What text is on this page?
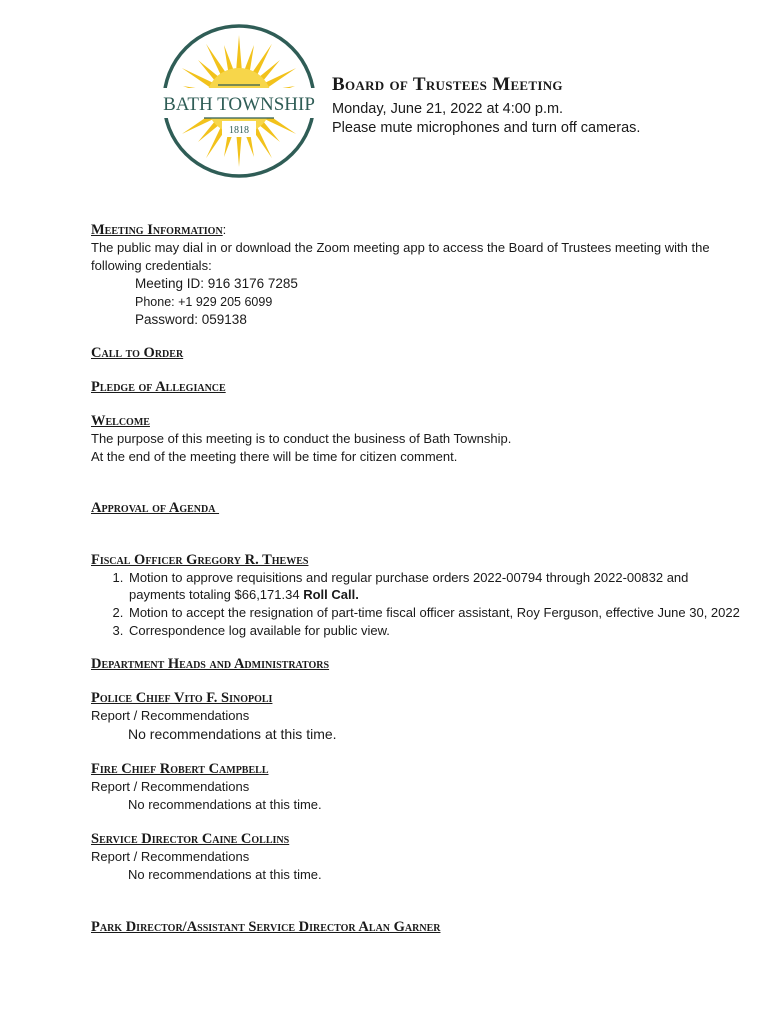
BATH TOWNSHIP
1818
Board of Trustees Meeting
Monday, June 21, 2022 at 4:00 p.m.
Please mute microphones and turn off cameras.
Meeting Information:
The public may dial in or download the Zoom meeting app to access the Board of Trustees meeting with the following credentials:
Meeting ID: 916 3176 7285
Phone: +1 929 205 6099
Password: 059138
Call to Order
Pledge of Allegiance
Welcome
The purpose of this meeting is to conduct the business of Bath Township.
At the end of the meeting there will be time for citizen comment.
Approval of Agenda
Fiscal Officer Gregory R. Thewes
1. Motion to approve requisitions and regular purchase orders 2022-00794 through 2022-00832 and payments totaling $66,171.34 Roll Call.
2. Motion to accept the resignation of part-time fiscal officer assistant, Roy Ferguson, effective June 30, 2022
3. Correspondence log available for public view.
Department Heads and Administrators
Police Chief Vito F. Sinopoli
Report / Recommendations
No recommendations at this time.
Fire Chief Robert Campbell
Report / Recommendations
No recommendations at this time.
Service Director Caine Collins
Report / Recommendations
No recommendations at this time.
Park Director/Assistant Service Director Alan Garner
